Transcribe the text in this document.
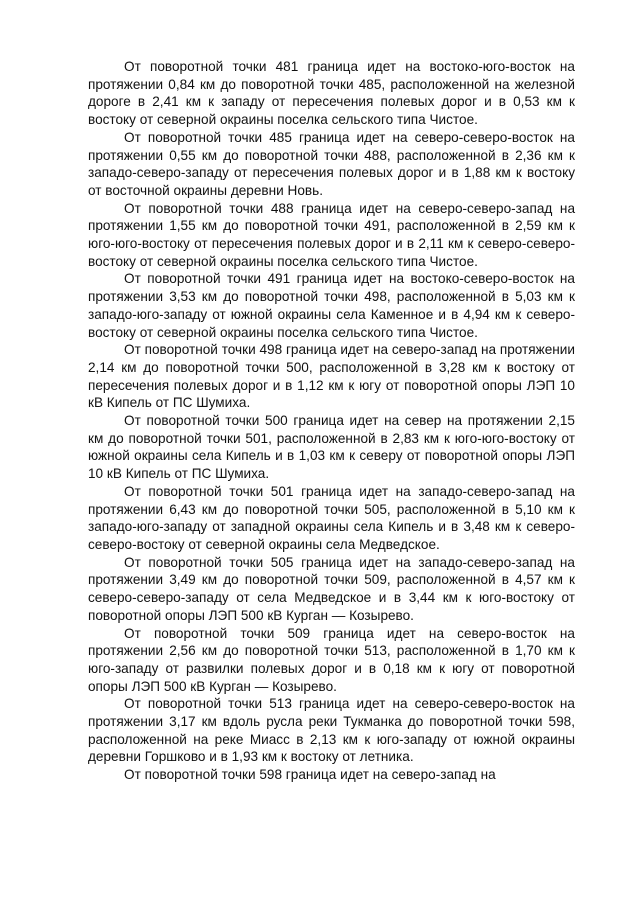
От поворотной точки 481 граница идет на востоко-юго-восток на протяжении 0,84 км до поворотной точки 485, расположенной на железной дороге в 2,41 км к западу от пересечения полевых дорог и в 0,53 км к востоку от северной окраины поселка сельского типа Чистое.

От поворотной точки 485 граница идет на северо-северо-восток на протяжении 0,55 км до поворотной точки 488, расположенной в 2,36 км к западо-северо-западу от пересечения полевых дорог и в 1,88 км к востоку от восточной окраины деревни Новь.

От поворотной точки 488 граница идет на северо-северо-запад на протяжении 1,55 км до поворотной точки 491, расположенной в 2,59 км к юго-юго-востоку от пересечения полевых дорог и в 2,11 км к северо-северо-востоку от северной окраины поселка сельского типа Чистое.

От поворотной точки 491 граница идет на востоко-северо-восток на протяжении 3,53 км до поворотной точки 498, расположенной в 5,03 км к западо-юго-западу от южной окраины села Каменное и в 4,94 км к северо-востоку от северной окраины поселка сельского типа Чистое.

От поворотной точки 498 граница идет на северо-запад на протяжении 2,14 км до поворотной точки 500, расположенной в 3,28 км к востоку от пересечения полевых дорог и в 1,12 км к югу от поворотной опоры ЛЭП 10 кВ Кипель от ПС Шумиха.

От поворотной точки 500 граница идет на север на протяжении 2,15 км до поворотной точки 501, расположенной в 2,83 км к юго-юго-востоку от южной окраины села Кипель и в 1,03 км к северу от поворотной опоры ЛЭП 10 кВ Кипель от ПС Шумиха.

От поворотной точки 501 граница идет на западо-северо-запад на протяжении 6,43 км до поворотной точки 505, расположенной в 5,10 км к западо-юго-западу от западной окраины села Кипель и в 3,48 км к северо-северо-востоку от северной окраины села Медведское.

От поворотной точки 505 граница идет на западо-северо-запад на протяжении 3,49 км до поворотной точки 509, расположенной в 4,57 км к северо-северо-западу от села Медведское и в 3,44 км к юго-востоку от поворотной опоры ЛЭП 500 кВ Курган — Козырево.

От поворотной точки 509 граница идет на северо-восток на протяжении 2,56 км до поворотной точки 513, расположенной в 1,70 км к юго-западу от развилки полевых дорог и в 0,18 км к югу от поворотной опоры ЛЭП 500 кВ Курган — Козырево.

От поворотной точки 513 граница идет на северо-северо-восток на протяжении 3,17 км вдоль русла реки Тукманка до поворотной точки 598, расположенной на реке Миасс в 2,13 км к юго-западу от южной окраины деревни Горшково и в 1,93 км к востоку от летника.

От поворотной точки 598 граница идет на северо-запад на
